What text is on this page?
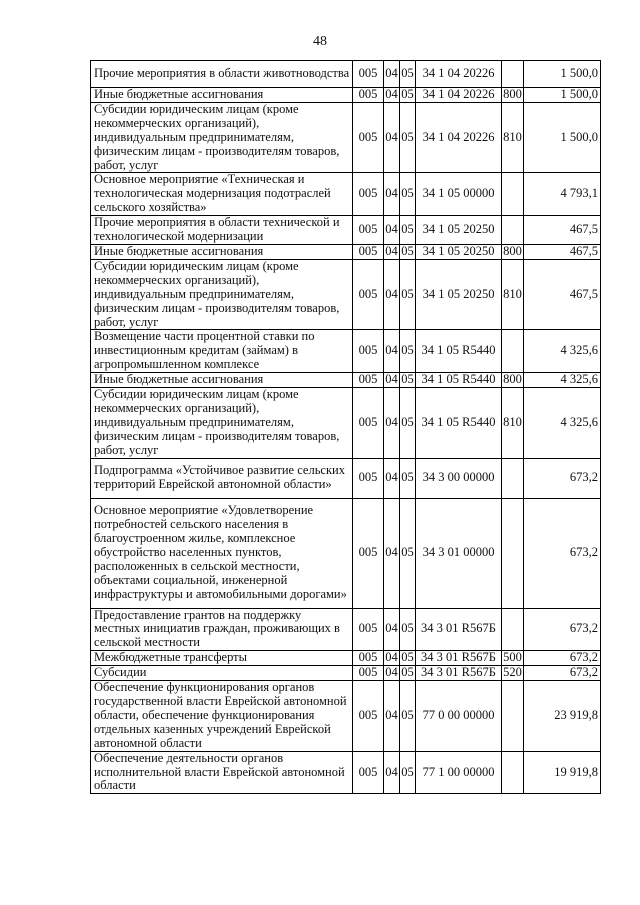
48
Прочие мероприятия в области животноводства	005	04	05	34 1 04 20226		1 500,0
Иные бюджетные ассигнования	005	04	05	34 1 04 20226	800	1 500,0
Субсидии юридическим лицам (кроме некоммерческих организаций), индивидуальным предпринимателям, физическим лицам - производителям товаров, работ, услуг	005	04	05	34 1 04 20226	810	1 500,0
Основное мероприятие «Техническая и технологическая модернизация подотраслей сельского хозяйства»	005	04	05	34 1 05 00000		4 793,1
Прочие мероприятия в области технической и технологической модернизации	005	04	05	34 1 05 20250		467,5
Иные бюджетные ассигнования	005	04	05	34 1 05 20250	800	467,5
Субсидии юридическим лицам (кроме некоммерческих организаций), индивидуальным предпринимателям, физическим лицам - производителям товаров, работ, услуг	005	04	05	34 1 05 20250	810	467,5
Возмещение части процентной ставки по инвестиционным кредитам (займам) в агропромышленном комплексе	005	04	05	34 1 05 R5440		4 325,6
Иные бюджетные ассигнования	005	04	05	34 1 05 R5440	800	4 325,6
Субсидии юридическим лицам (кроме некоммерческих организаций), индивидуальным предпринимателям, физическим лицам - производителям товаров, работ, услуг	005	04	05	34 1 05 R5440	810	4 325,6
Подпрограмма «Устойчивое развитие сельских территорий Еврейской автономной области»	005	04	05	34 3 00 00000		673,2
Основное мероприятие «Удовлетворение потребностей сельского населения в благоустроенном жилье, комплексное обустройство населенных пунктов, расположенных в сельской местности, объектами социальной, инженерной инфраструктуры и автомобильными дорогами»	005	04	05	34 3 01 00000		673,2
Предоставление грантов на поддержку местных инициатив граждан, проживающих в сельской местности	005	04	05	34 3 01 R567Б		673,2
Межбюджетные трансферты	005	04	05	34 3 01 R567Б	500	673,2
Субсидии	005	04	05	34 3 01 R567Б	520	673,2
Обеспечение функционирования органов государственной власти Еврейской автономной области, обеспечение функционирования отдельных казенных учреждений Еврейской автономной области	005	04	05	77 0 00 00000		23 919,8
Обеспечение деятельности органов исполнительной власти Еврейской автономной области	005	04	05	77 1 00 00000		19 919,8
